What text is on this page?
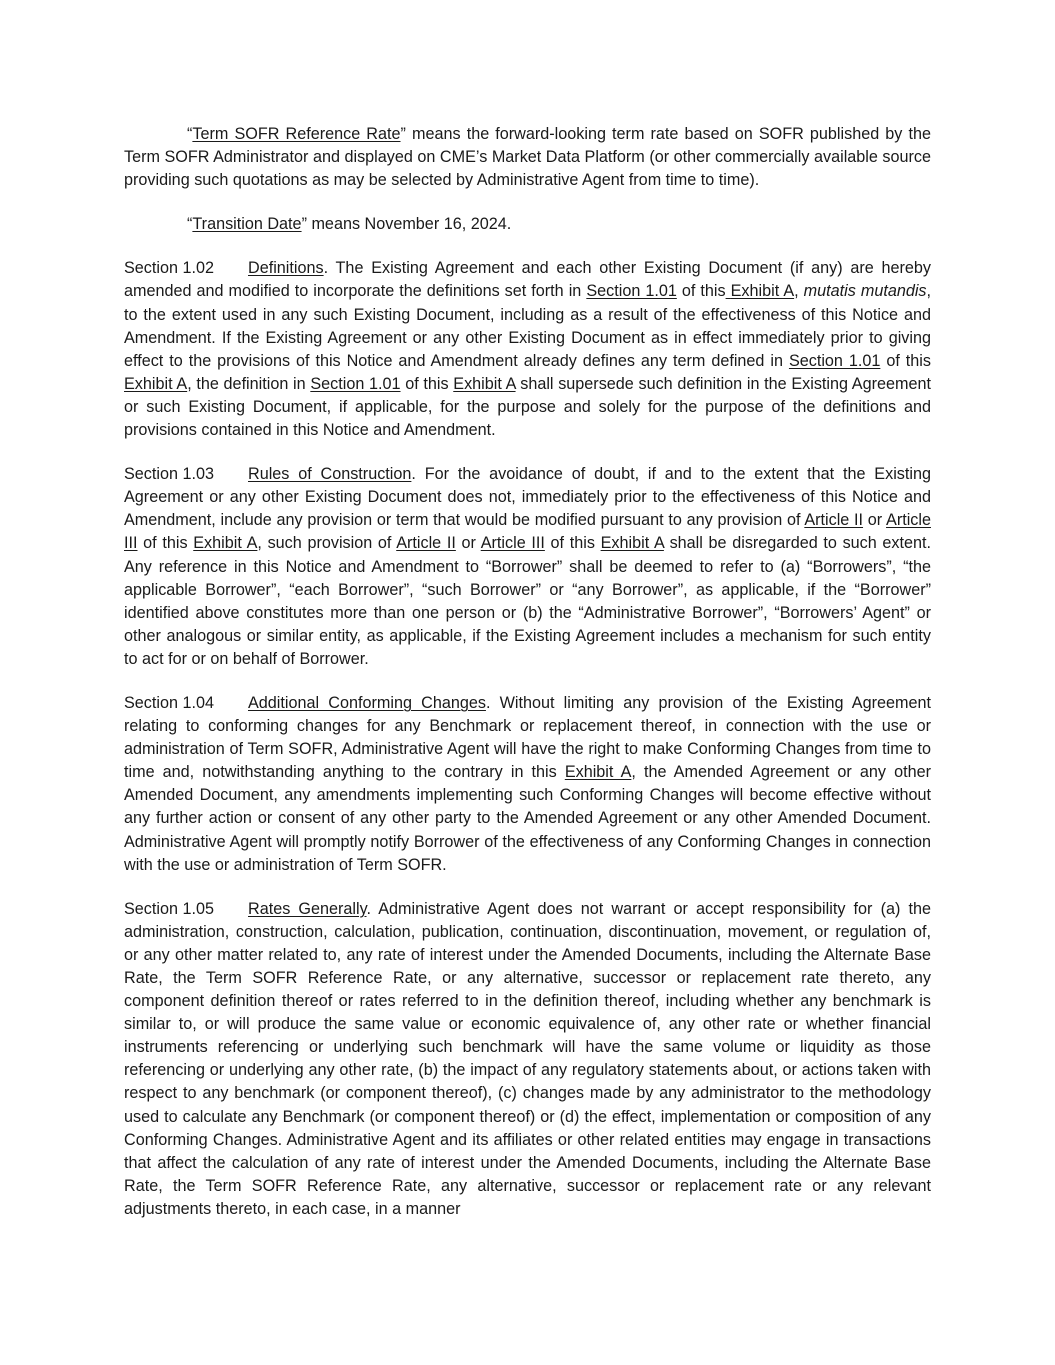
“Term SOFR Reference Rate” means the forward-looking term rate based on SOFR published by the Term SOFR Administrator and displayed on CME’s Market Data Platform (or other commercially available source providing such quotations as may be selected by Administrative Agent from time to time).

“Transition Date” means November 16, 2024.

Section 1.02 Definitions. The Existing Agreement and each other Existing Document (if any) are hereby amended and modified to incorporate the definitions set forth in Section 1.01 of this Exhibit A, mutatis mutandis, to the extent used in any such Existing Document, including as a result of the effectiveness of this Notice and Amendment. If the Existing Agreement or any other Existing Document as in effect immediately prior to giving effect to the provisions of this Notice and Amendment already defines any term defined in Section 1.01 of this Exhibit A, the definition in Section 1.01 of this Exhibit A shall supersede such definition in the Existing Agreement or such Existing Document, if applicable, for the purpose and solely for the purpose of the definitions and provisions contained in this Notice and Amendment.

Section 1.03 Rules of Construction. For the avoidance of doubt, if and to the extent that the Existing Agreement or any other Existing Document does not, immediately prior to the effectiveness of this Notice and Amendment, include any provision or term that would be modified pursuant to any provision of Article II or Article III of this Exhibit A, such provision of Article II or Article III of this Exhibit A shall be disregarded to such extent. Any reference in this Notice and Amendment to “Borrower” shall be deemed to refer to (a) “Borrowers”, “the applicable Borrower”, “each Borrower”, “such Borrower” or “any Borrower”, as applicable, if the “Borrower” identified above constitutes more than one person or (b) the “Administrative Borrower”, “Borrowers’ Agent” or other analogous or similar entity, as applicable, if the Existing Agreement includes a mechanism for such entity to act for or on behalf of Borrower.

Section 1.04 Additional Conforming Changes. Without limiting any provision of the Existing Agreement relating to conforming changes for any Benchmark or replacement thereof, in connection with the use or administration of Term SOFR, Administrative Agent will have the right to make Conforming Changes from time to time and, notwithstanding anything to the contrary in this Exhibit A, the Amended Agreement or any other Amended Document, any amendments implementing such Conforming Changes will become effective without any further action or consent of any other party to the Amended Agreement or any other Amended Document. Administrative Agent will promptly notify Borrower of the effectiveness of any Conforming Changes in connection with the use or administration of Term SOFR.

Section 1.05 Rates Generally. Administrative Agent does not warrant or accept responsibility for (a) the administration, construction, calculation, publication, continuation, discontinuation, movement, or regulation of, or any other matter related to, any rate of interest under the Amended Documents, including the Alternate Base Rate, the Term SOFR Reference Rate, or any alternative, successor or replacement rate thereto, any component definition thereof or rates referred to in the definition thereof, including whether any benchmark is similar to, or will produce the same value or economic equivalence of, any other rate or whether financial instruments referencing or underlying such benchmark will have the same volume or liquidity as those referencing or underlying any other rate, (b) the impact of any regulatory statements about, or actions taken with respect to any benchmark (or component thereof), (c) changes made by any administrator to the methodology used to calculate any Benchmark (or component thereof) or (d) the effect, implementation or composition of any Conforming Changes. Administrative Agent and its affiliates or other related entities may engage in transactions that affect the calculation of any rate of interest under the Amended Documents, including the Alternate Base Rate, the Term SOFR Reference Rate, any alternative, successor or replacement rate or any relevant adjustments thereto, in each case, in a manner
